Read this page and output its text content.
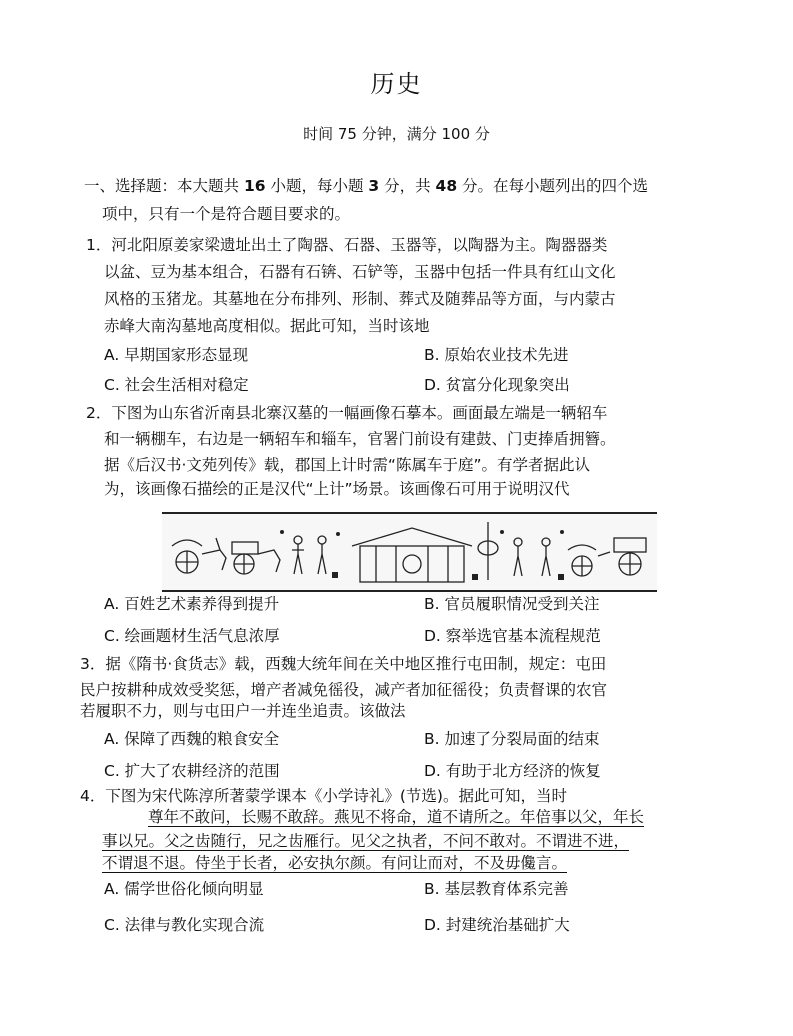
历史
时间 75 分钟，满分 100 分
一、选择题：本大题共 16 小题，每小题 3 分，共 48 分。在每小题列出的四个选
项中，只有一个是符合题目要求的。
1．河北阳原姜家梁遗址出土了陶器、石器、玉器等，以陶器为主。陶器器类
以盆、豆为基本组合，石器有石锛、石铲等，玉器中包括一件具有红山文化
风格的玉猪龙。其墓地在分布排列、形制、葬式及随葬品等方面，与内蒙古
赤峰大南沟墓地高度相似。据此可知，当时该地
A. 早期国家形态显现	B. 原始农业技术先进
C. 社会生活相对稳定	D. 贫富分化现象突出
2．下图为山东省沂南县北寨汉墓的一幅画像石摹本。画面最左端是一辆轺车
和一辆棚车，右边是一辆轺车和辎车，官署门前设有建鼓、门吏捧盾拥簪。
据《后汉书·文苑列传》载，郡国上计时需“陈属车于庭”。有学者据此认
为，该画像石描绘的正是汉代“上计”场景。该画像石可用于说明汉代
A. 百姓艺术素养得到提升	B. 官员履职情况受到关注
C. 绘画题材生活气息浓厚	D. 察举选官基本流程规范
3．据《隋书·食货志》载，西魏大统年间在关中地区推行屯田制，规定：屯田
民户按耕种成效受奖惩，增产者减免徭役，减产者加征徭役；负责督课的农官
若履职不力，则与屯田户一并连坐追责。该做法
A. 保障了西魏的粮食安全	B. 加速了分裂局面的结束
C. 扩大了农耕经济的范围	D. 有助于北方经济的恢复
4．下图为宋代陈淳所著蒙学课本《小学诗礼》(节选)。据此可知，当时
尊年不敢问，长赐不敢辞。燕见不将命，道不请所之。年倍事以父，年长
事以兄。父之齿随行，兄之齿雁行。见父之执者，不问不敢对。不谓进不进，
不谓退不退。侍坐于长者，必安执尔颜。有问让而对，不及毋儳言。
A. 儒学世俗化倾向明显	B. 基层教育体系完善
C. 法律与教化实现合流	D. 封建统治基础扩大
